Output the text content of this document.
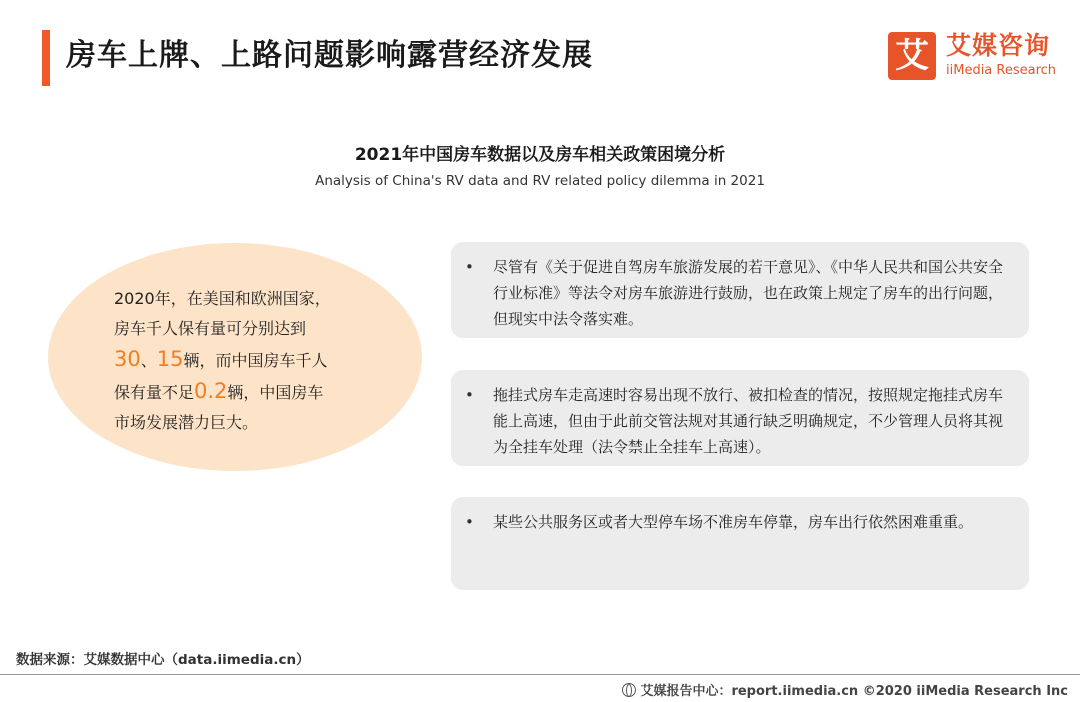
房车上牌、上路问题影响露营经济发展	艾 艾媒咨询
iiMedia Research
2021年中国房车数据以及房车相关政策困境分析
Analysis of China's RV data and RV related policy dilemma in 2021
2020年，在美国和欧洲国家，
房车千人保有量可分别达到
30、15辆，而中国房车千人
保有量不足0.2辆，中国房车
市场发展潜力巨大。
• 尽管有《关于促进自驾房车旅游发展的若干意见》、《中华人民共和国公共安全行业标准》等法令对房车旅游进行鼓励，也在政策上规定了房车的出行问题，但现实中法令落实难。
• 拖挂式房车走高速时容易出现不放行、被扣检查的情况，按照规定拖挂式房车能上高速，但由于此前交管法规对其通行缺乏明确规定，不少管理人员将其视为全挂车处理（法令禁止全挂车上高速）。
• 某些公共服务区或者大型停车场不准房车停靠，房车出行依然困难重重。
数据来源：艾媒数据中心（data.iimedia.cn）
艾媒报告中心：report.iimedia.cn ©2020 iiMedia Research Inc
